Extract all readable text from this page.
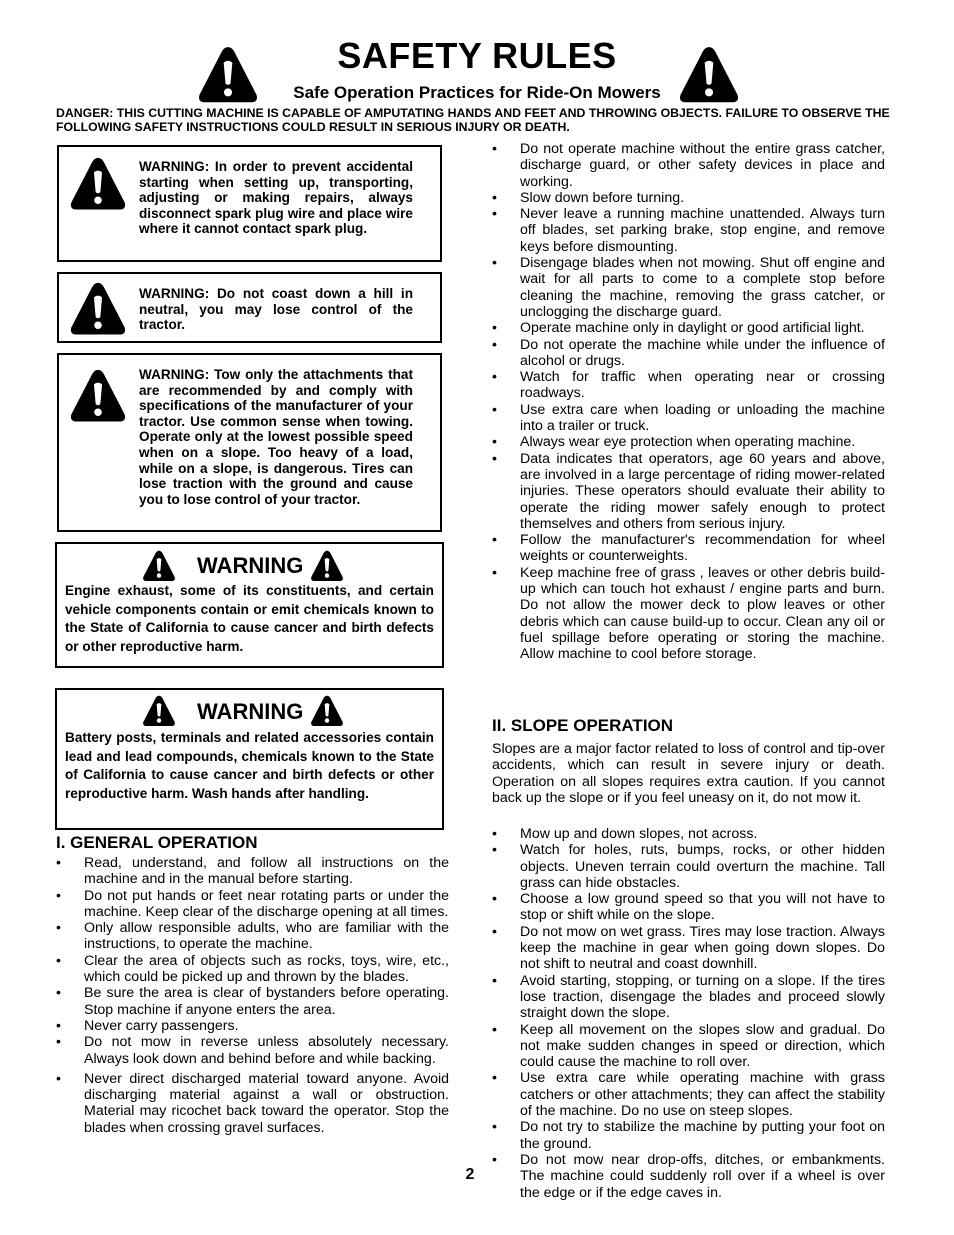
SAFETY RULES
Safe Operation Practices for Ride-On Mowers
DANGER: THIS CUTTING MACHINE IS CAPABLE OF AMPUTATING HANDS AND FEET AND THROWING OBJECTS. FAILURE TO OBSERVE THE FOLLOWING SAFETY INSTRUCTIONS COULD RESULT IN SERIOUS INJURY OR DEATH.
WARNING: In order to prevent accidental starting when setting up, transporting, adjusting or making repairs, always disconnect spark plug wire and place wire where it cannot contact spark plug.
WARNING: Do not coast down a hill in neutral, you may lose control of the tractor.
WARNING: Tow only the attachments that are recommended by and comply with specifications of the manufacturer of your tractor. Use common sense when towing. Operate only at the lowest possible speed when on a slope. Too heavy of a load, while on a slope, is dangerous. Tires can lose traction with the ground and cause you to lose control of your tractor.
WARNING
Engine exhaust, some of its constituents, and certain vehicle components contain or emit chemicals known to the State of California to cause cancer and birth defects or other reproductive harm.
WARNING
Battery posts, terminals and related accessories contain lead and lead compounds, chemicals known to the State of California to cause cancer and birth defects or other reproductive harm. Wash hands after handling.
I. GENERAL OPERATION
• Read, understand, and follow all instructions on the machine and in the manual before starting.
• Do not put hands or feet near rotating parts or under the machine. Keep clear of the discharge opening at all times.
• Only allow responsible adults, who are familiar with the instructions, to operate the machine.
• Clear the area of objects such as rocks, toys, wire, etc., which could be picked up and thrown by the blades.
• Be sure the area is clear of bystanders before operating. Stop machine if anyone enters the area.
• Never carry passengers.
• Do not mow in reverse unless absolutely necessary. Always look down and behind before and while backing.
• Never direct discharged material toward anyone. Avoid discharging material against a wall or obstruction. Material may ricochet back toward the operator. Stop the blades when crossing gravel surfaces.
• Do not operate machine without the entire grass catcher, discharge guard, or other safety devices in place and working.
• Slow down before turning.
• Never leave a running machine unattended. Always turn off blades, set parking brake, stop engine, and remove keys before dismounting.
• Disengage blades when not mowing. Shut off engine and wait for all parts to come to a complete stop before cleaning the machine, removing the grass catcher, or unclogging the discharge guard.
• Operate machine only in daylight or good artificial light.
• Do not operate the machine while under the influence of alcohol or drugs.
• Watch for traffic when operating near or crossing roadways.
• Use extra care when loading or unloading the machine into a trailer or truck.
• Always wear eye protection when operating machine.
• Data indicates that operators, age 60 years and above, are involved in a large percentage of riding mower-related injuries. These operators should evaluate their ability to operate the riding mower safely enough to protect themselves and others from serious injury.
• Follow the manufacturer's recommendation for wheel weights or counterweights.
• Keep machine free of grass , leaves or other debris build-up which can touch hot exhaust / engine parts and burn. Do not allow the mower deck to plow leaves or other debris which can cause build-up to occur. Clean any oil or fuel spillage before operating or storing the machine. Allow machine to cool before storage.
II. SLOPE OPERATION
Slopes are a major factor related to loss of control and tip-over accidents, which can result in severe injury or death. Operation on all slopes requires extra caution. If you cannot back up the slope or if you feel uneasy on it, do not mow it.
• Mow up and down slopes, not across.
• Watch for holes, ruts, bumps, rocks, or other hidden objects. Uneven terrain could overturn the machine. Tall grass can hide obstacles.
• Choose a low ground speed so that you will not have to stop or shift while on the slope.
• Do not mow on wet grass. Tires may lose traction. Always keep the machine in gear when going down slopes. Do not shift to neutral and coast downhill.
• Avoid starting, stopping, or turning on a slope. If the tires lose traction, disengage the blades and proceed slowly straight down the slope.
• Keep all movement on the slopes slow and gradual. Do not make sudden changes in speed or direction, which could cause the machine to roll over.
• Use extra care while operating machine with grass catchers or other attachments; they can affect the stability of the machine. Do no use on steep slopes.
• Do not try to stabilize the machine by putting your foot on the ground.
• Do not mow near drop-offs, ditches, or embankments. The machine could suddenly roll over if a wheel is over the edge or if the edge caves in.
2
